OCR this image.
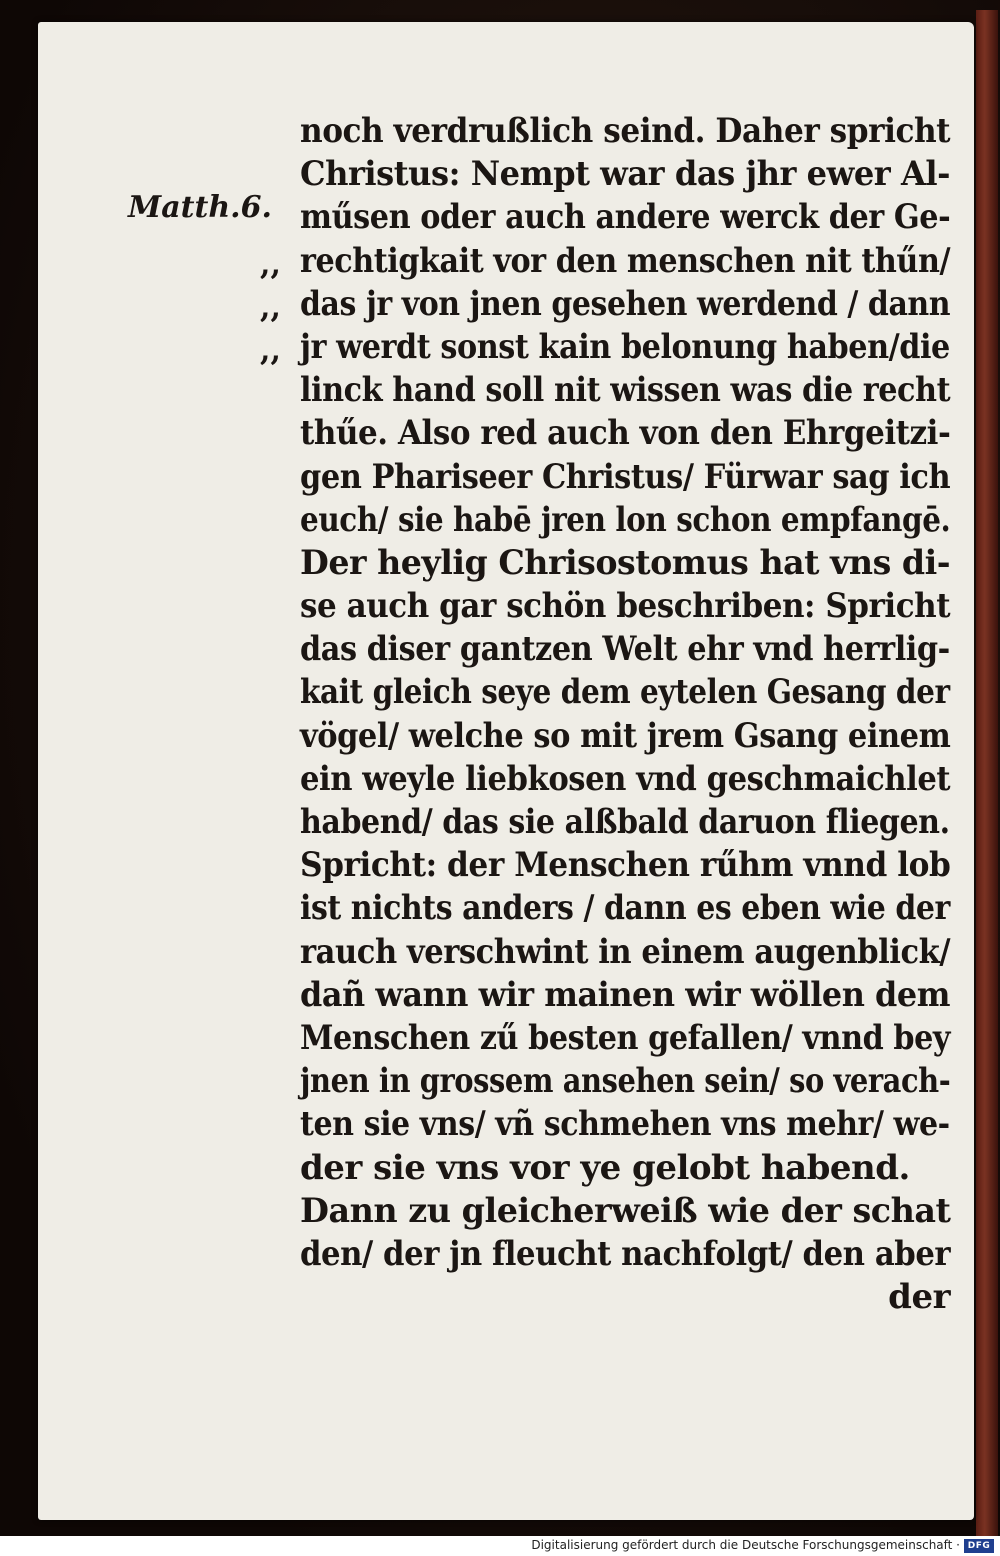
Matth.6.
,,
,,
,,
noch verdrußlich seind. Daher spricht
Christus: Nempt war das jhr ewer Al-
műsen oder auch andere werck der Ge-
rechtigkait vor den menschen nit thűn/
das jr von jnen gesehen werdend / dann
jr werdt sonst kain belonung haben/die
linck hand soll nit wissen was die recht
thűe. Also red auch von den Ehrgeitzi-
gen Phariseer Christus/ Fürwar sag ich
euch/ sie habē jren lon schon empfangē.
Der heylig Chrisostomus hat vns di-
se auch gar schön beschriben: Spricht
das diser gantzen Welt ehr vnd herrlig-
kait gleich seye dem eytelen Gesang der
vögel/ welche so mit jrem Gsang einem
ein weyle liebkosen vnd geschmaichlet
habend/ das sie alßbald daruon fliegen.
Spricht: der Menschen rűhm vnnd lob
ist nichts anders / dann es eben wie der
rauch verschwint in einem augenblick/
dañ wann wir mainen wir wöllen dem
Menschen zű besten gefallen/ vnnd bey
jnen in grossem ansehen sein/ so verach-
ten sie vns/ vñ schmehen vns mehr/ we-
der sie vns vor ye gelobt habend.
Dann zu gleicherweiß wie der schat
den/ der jn fleucht nachfolgt/ den aber
der
Digitalisierung gefördert durch die Deutsche Forschungsgemeinschaft · DFG
